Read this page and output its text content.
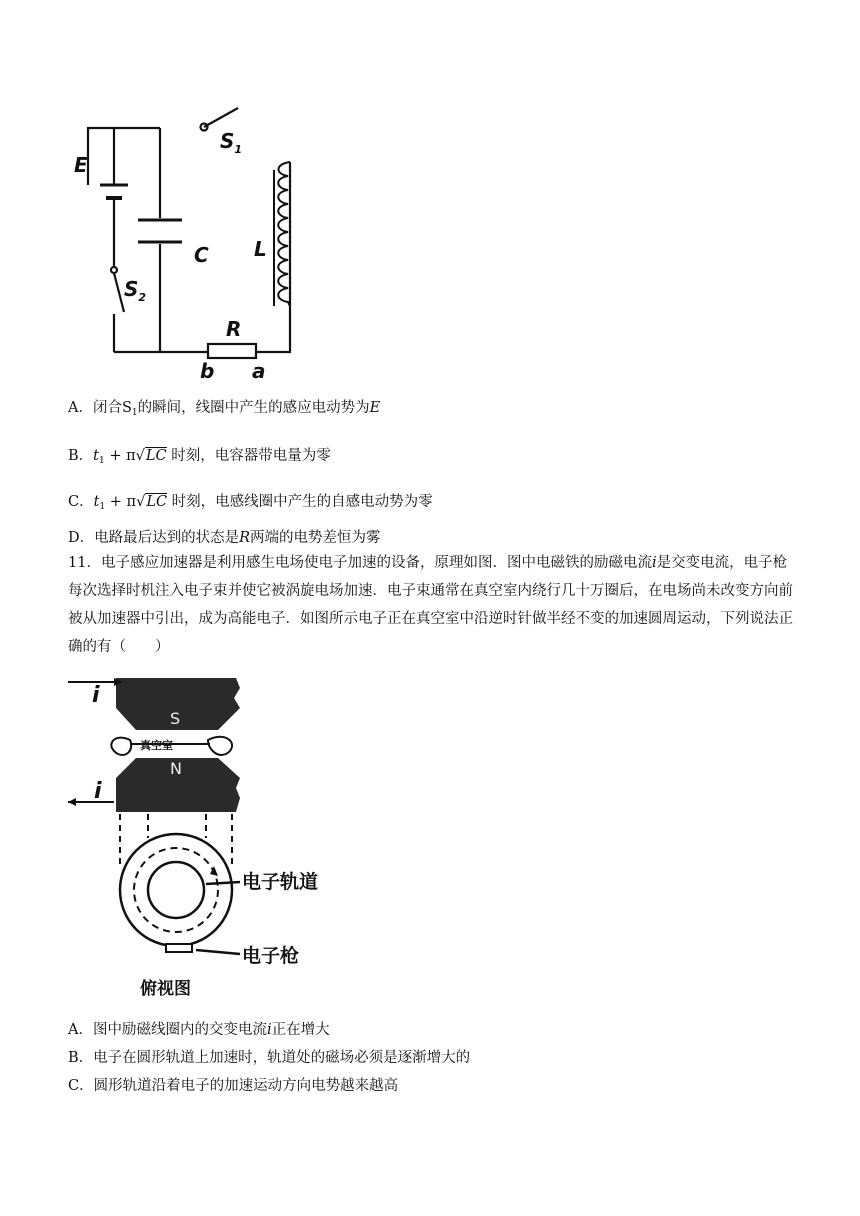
E
$S_1$
C L
$S_2$
R
b a
A．闭合$S_1$的瞬间，线圈中产生的感应电动势为E
B．$t_1 + \pi√LC$ 时刻，电容器带电量为零
C．$t_1 + \pi√LC$ 时刻，电感线圈中产生的自感电动势为零
D．电路最后达到的状态是R两端的电势差恒为雾
11．电子感应加速器是利用感生电场使电子加速的设备，原理如图．图中电磁铁的励磁电流i是交变电流，电子枪每次选择时机注入电子束并使它被涡旋电场加速．电子束通常在真空室内绕行几十万圈后，在电场尚未改变方向前被从加速器中引出，成为高能电子．如图所示电子正在真空室中沿逆时针做半经不变的加速圆周运动，下列说法正确的有（　　）
i
S
真空室
N
i
电子轨道
电子枪
俯视图
A．图中励磁线圈内的交变电流i正在增大
B．电子在圆形轨道上加速时，轨道处的磁场必须是逐渐增大的
C．圆形轨道沿着电子的加速运动方向电势越来越高
